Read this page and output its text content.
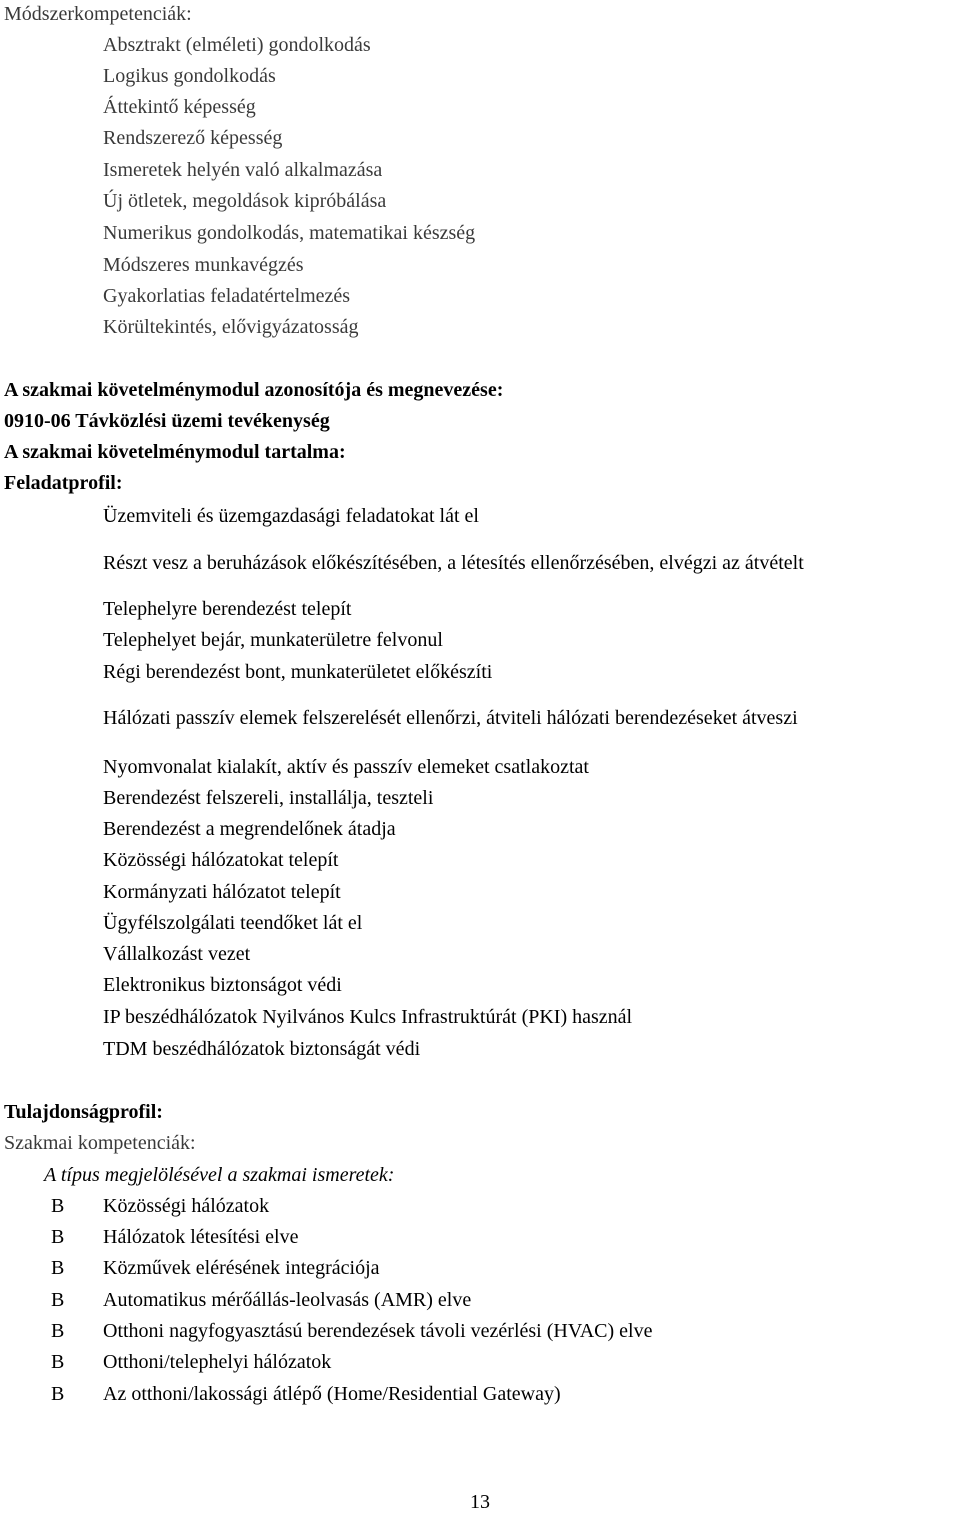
Módszerkompetenciák:
Absztrakt (elméleti) gondolkodás
Logikus gondolkodás
Áttekintő képesség
Rendszerező képesség
Ismeretek helyén való alkalmazása
Új ötletek, megoldások kipróbálása
Numerikus gondolkodás, matematikai készség
Módszeres munkavégzés
Gyakorlatias feladatértelmezés
Körültekintés, elővigyázatosság
A szakmai követelménymodul azonosítója és megnevezése:
0910-06 Távközlési üzemi tevékenység
A szakmai követelménymodul tartalma:
Feladatprofil:
Üzemviteli és üzemgazdasági feladatokat lát el
Részt vesz a beruházások előkészítésében, a létesítés ellenőrzésében, elvégzi az átvételt
Telephelyre berendezést telepít
Telephelyet bejár, munkaterületre felvonul
Régi berendezést bont, munkaterületet előkészíti
Hálózati passzív elemek felszerelését ellenőrzi, átviteli hálózati berendezéseket átveszi
Nyomvonalat kialakít, aktív és passzív elemeket csatlakoztat
Berendezést felszereli, installálja, teszteli
Berendezést a megrendelőnek átadja
Közösségi hálózatokat telepít
Kormányzati hálózatot telepít
Ügyfélszolgálati teendőket lát el
Vállalkozást vezet
Elektronikus biztonságot védi
IP beszédhálózatok Nyilvános Kulcs Infrastruktúrát (PKI) használ
TDM beszédhálózatok biztonságát védi
Tulajdonságprofil:
Szakmai kompetenciák:
A típus megjelölésével a szakmai ismeretek:
B Közösségi hálózatok
B Hálózatok létesítési elve
B Közművek elérésének integrációja
B Automatikus mérőállás-leolvasás (AMR) elve
B Otthoni nagyfogyasztású berendezések távoli vezérlési (HVAC) elve
B Otthoni/telephelyi hálózatok
B Az otthoni/lakossági átlépő (Home/Residential Gateway)
13
